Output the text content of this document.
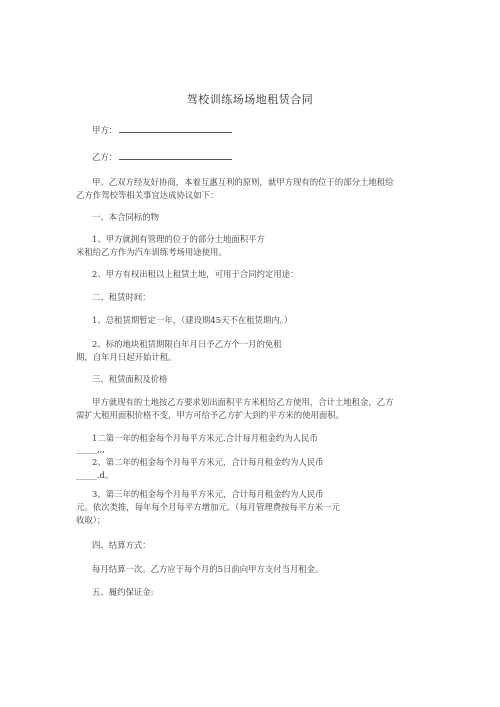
驾校训练场场地租赁合同
甲方：
乙方：
甲、乙双方经友好协商，本着互惠互利的原则，就甲方现有的位于的部分土地租给
乙方作驾校等相关事宜达成协议如下：
一、本合同标的物
1、甲方就拥有管理的位于的部分土地面积平方
米租给乙方作为汽车训练考场用途使用。
2、甲方有权出租以上租赁土地，可用于合同约定用途：
二、租赁时间：
1、总租赁期暂定一年，（建设期45天不在租赁期内。）
2、标的地块租赁期限自年月日予乙方个一月的免租
期，自年月日起开始计租。
三、租赁面积及价格
甲方就现有的土地按乙方要求划出面积平方米租给乙方使用，合计土地租金，乙方
需扩大租用面积价格不变，甲方可给予乙方扩大到约平方米的使用面积。
1二第一年的租金每个月每平方米元.合计每月租金约为人民币
_____,,,
2、第二年的租金每个月每平方米元，合计每月租金约为人民币
_____.d。
3、第三年的租金每个月每平方米元，合计每月租金约为人民币
元。依次类推，每年每个月每平方增加元。（每月管理费按每平方米一元
收取）；
四、结算方式：
每月结算一次。乙方应于每个月的5日前向甲方支付当月租金。
五、履约保证金:
